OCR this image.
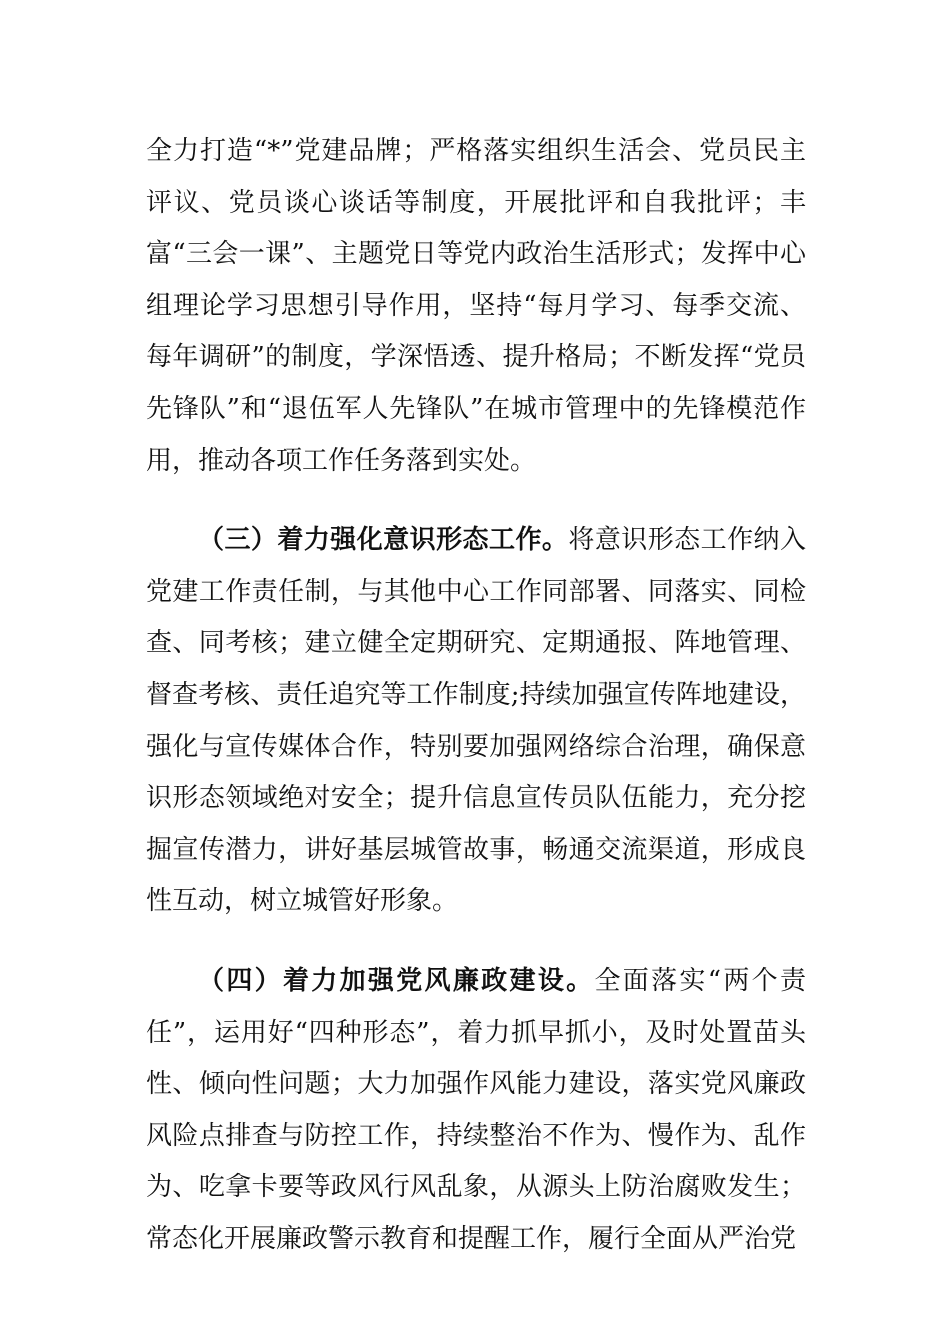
全力打造“*”党建品牌；严格落实组织生活会、党员民主评议、党员谈心谈话等制度，开展批评和自我批评；丰富“三会一课”、主题党日等党内政治生活形式；发挥中心组理论学习思想引导作用，坚持“每月学习、每季交流、每年调研”的制度，学深悟透、提升格局；不断发挥“党员先锋队”和“退伍军人先锋队”在城市管理中的先锋模范作用，推动各项工作任务落到实处。

（三）着力强化意识形态工作。将意识形态工作纳入党建工作责任制，与其他中心工作同部署、同落实、同检查、同考核；建立健全定期研究、定期通报、阵地管理、督查考核、责任追究等工作制度;持续加强宣传阵地建设，强化与宣传媒体合作，特别要加强网络综合治理，确保意识形态领域绝对安全；提升信息宣传员队伍能力，充分挖掘宣传潜力，讲好基层城管故事，畅通交流渠道，形成良性互动，树立城管好形象。

（四）着力加强党风廉政建设。全面落实“两个责任”，运用好“四种形态”，着力抓早抓小，及时处置苗头性、倾向性问题；大力加强作风能力建设，落实党风廉政风险点排查与防控工作，持续整治不作为、慢作为、乱作为、吃拿卡要等政风行风乱象，从源头上防治腐败发生；常态化开展廉政警示教育和提醒工作，履行全面从严治党
